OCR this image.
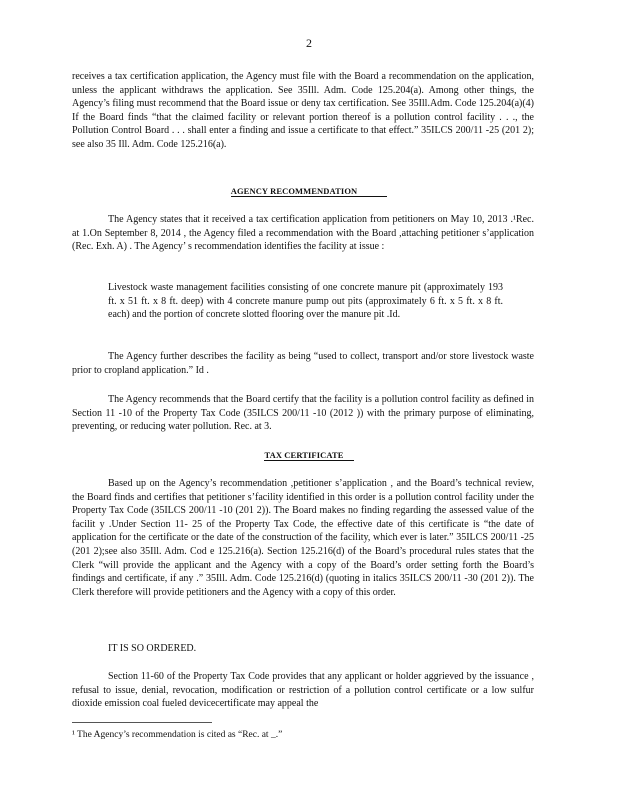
2

receives a tax certification application, the Agency must file with the Board a recommendation on the application, unless the applicant withdraws the application. See 35Ill. Adm. Code 125.204(a). Among other things, the Agency’s filing must recommend that the Board issue or deny tax certification. See 35Ill.Adm. Code 125.204(a)(4) If the Board finds “that the claimed facility or relevant portion thereof is a pollution control facility . . ., the Pollution Control Board . . . shall enter a finding and issue a certificate to that effect.” 35ILCS 200/11 -25 (201 2); see also 35 Ill. Adm. Code 125.216(a).

AGENCY RECOMMENDATION

The Agency states that it received a tax certification application from petitioners on May 10, 2013 .¹Rec. at 1.On September 8, 2014 , the Agency filed a recommendation with the Board ,attaching petitioner s’application (Rec. Exh. A) . The Agency’ s recommendation identifies the facility at issue :

Livestock waste management facilities consisting of one concrete manure pit (approximately 193 ft. x 51 ft. x 8 ft. deep) with 4 concrete manure pump out pits (approximately 6 ft. x 5 ft. x 8 ft. each) and the portion of concrete slotted flooring over the manure pit .Id.

The Agency further describes the facility as being “used to collect, transport and/or store livestock waste prior to cropland application.” Id .

The Agency recommends that the Board certify that the facility is a pollution control facility as defined in Section 11 -10 of the Property Tax Code (35ILCS 200/11 -10 (2012 )) with the primary purpose of eliminating, preventing, or reducing water pollution. Rec. at 3.

TAX CERTIFICATE

Based up on the Agency’s recommendation ,petitioner s’application , and the Board’s technical review, the Board finds and certifies that petitioner s’facility identified in this order is a pollution control facility under the Property Tax Code (35ILCS 200/11 -10 (201 2)). The Board makes no finding regarding the assessed value of the facilit y .Under Section 11- 25 of the Property Tax Code, the effective date of this certificate is “the date of application for the certificate or the date of the construction of the facility, which ever is later.” 35ILCS 200/11 -25 (201 2);see also 35Ill. Adm. Cod e 125.216(a). Section 125.216(d) of the Board’s procedural rules states that the Clerk “will provide the applicant and the Agency with a copy of the Board’s order setting forth the Board’s findings and certificate, if any .” 35Ill. Adm. Code 125.216(d) (quoting in italics 35ILCS 200/11 -30 (201 2)). The Clerk therefore will provide petitioners and the Agency with a copy of this order.

IT IS SO ORDERED.

Section 11-60 of the Property Tax Code provides that any applicant or holder aggrieved by the issuance , refusal to issue, denial, revocation, modification or restriction of a pollution control certificate or a low sulfur dioxide emission coal fueled devicecertificate may appeal the

¹ The Agency’s recommendation is cited as “Rec. at _.”
